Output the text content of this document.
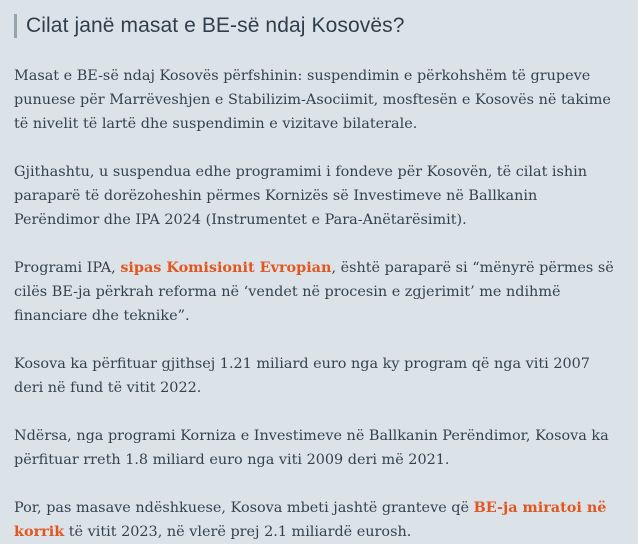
Cilat janë masat e BE-së ndaj Kosovës?

Masat e BE-së ndaj Kosovës përfshinin: suspendimin e përkohshëm të grupeve punuese për Marrëveshjen e Stabilizim-Asociimit, mosftesën e Kosovës në takime të nivelit të lartë dhe suspendimin e vizitave bilaterale.

Gjithashtu, u suspendua edhe programimi i fondeve për Kosovën, të cilat ishin paraparë të dorëzoheshin përmes Kornizës së Investimeve në Ballkanin Perëndimor dhe IPA 2024 (Instrumentet e Para-Anëtarësimit).

Programi IPA, sipas Komisionit Evropian, është paraparë si “mënyrë përmes së cilës BE-ja përkrah reforma në ‘vendet në procesin e zgjerimit’ me ndihmë financiare dhe teknike”.

Kosova ka përfituar gjithsej 1.21 miliard euro nga ky program që nga viti 2007 deri në fund të vitit 2022.

Ndërsa, nga programi Korniza e Investimeve në Ballkanin Perëndimor, Kosova ka përfituar rreth 1.8 miliard euro nga viti 2009 deri më 2021.

Por, pas masave ndëshkuese, Kosova mbeti jashtë granteve që BE-ja miratoi në korrik të vitit 2023, në vlerë prej 2.1 miliardë eurosh.
